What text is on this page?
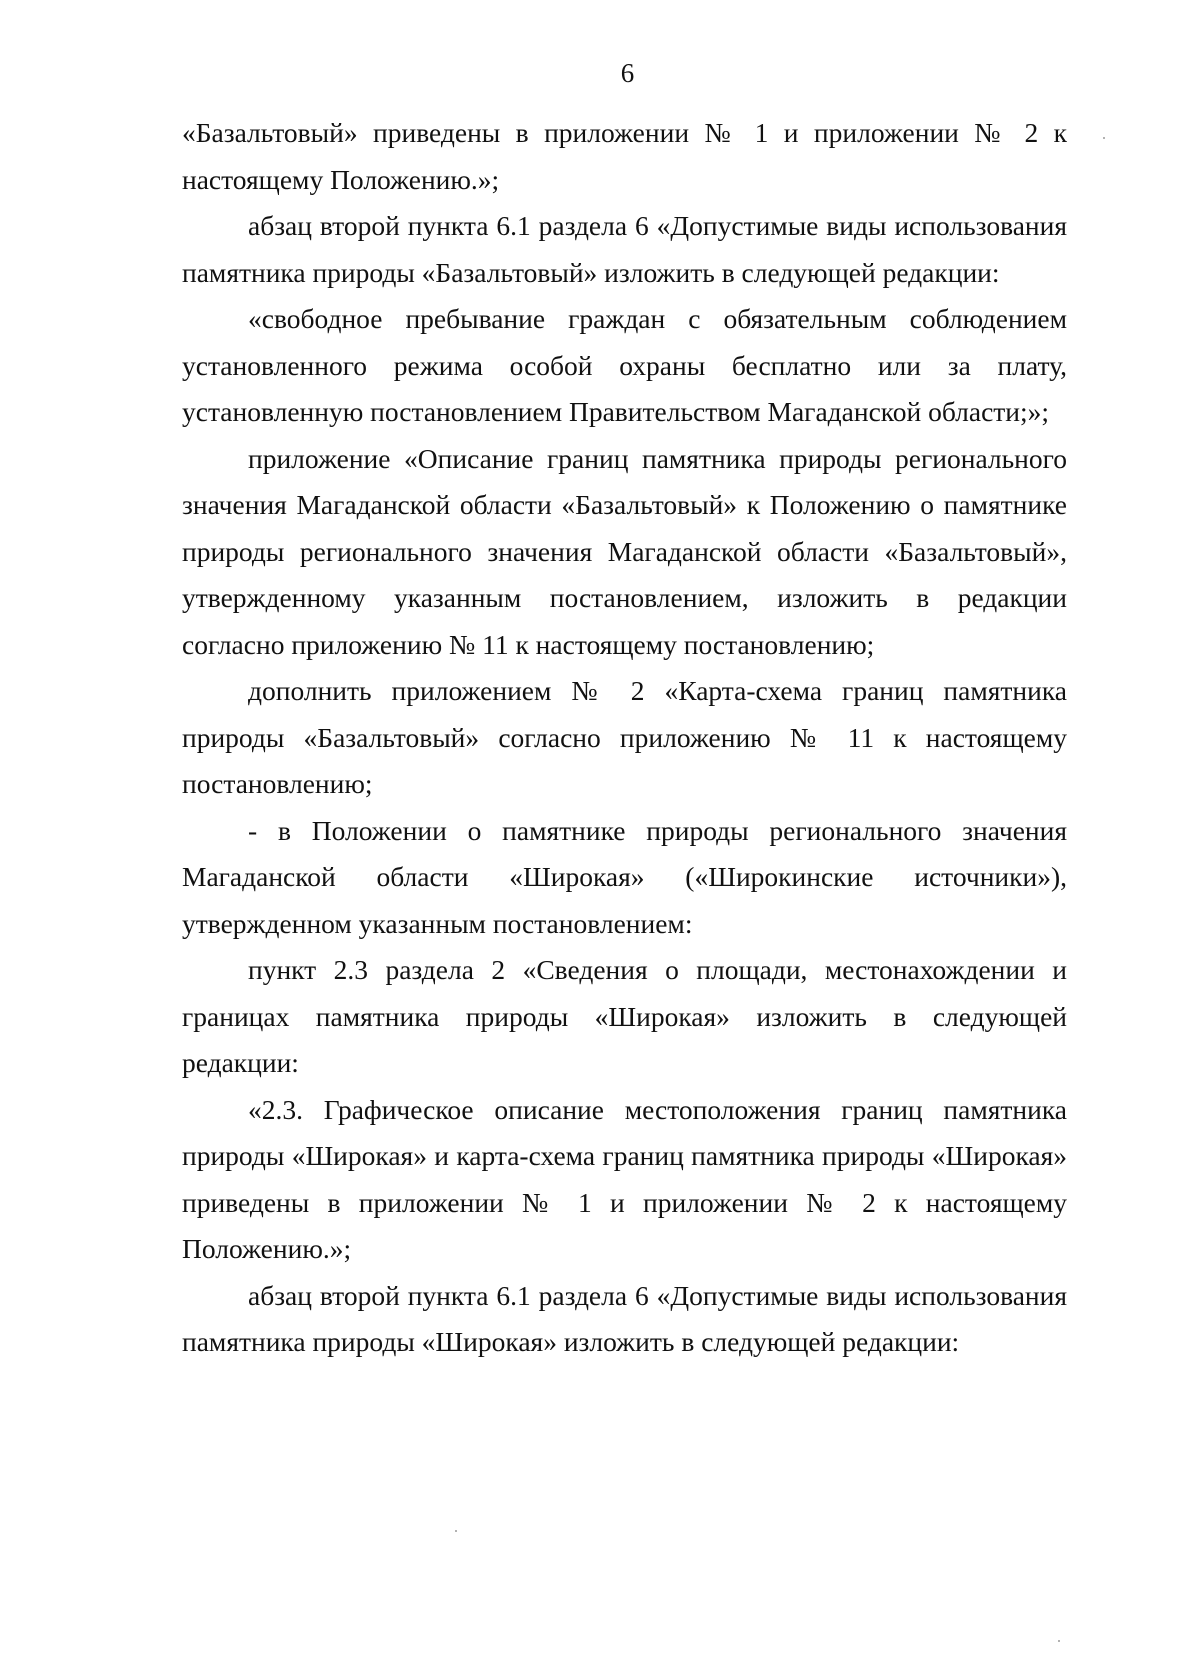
6

«Базальтовый» приведены в приложении № 1 и приложении № 2 к настоящему Положению.»;

абзац второй пункта 6.1 раздела 6 «Допустимые виды использования памятника природы «Базальтовый» изложить в следующей редакции:

«свободное пребывание граждан с обязательным соблюдением установленного режима особой охраны бесплатно или за плату, установленную постановлением Правительством Магаданской области;»;

приложение «Описание границ памятника природы регионального значения Магаданской области «Базальтовый» к Положению о памятнике природы регионального значения Магаданской области «Базальтовый», утвержденному указанным постановлением, изложить в редакции согласно приложению № 11 к настоящему постановлению;

дополнить приложением № 2 «Карта-схема границ памятника природы «Базальтовый» согласно приложению № 11 к настоящему постановлению;

- в Положении о памятнике природы регионального значения Магаданской области «Широкая» («Широкинские источники»), утвержденном указанным постановлением:

пункт 2.3 раздела 2 «Сведения о площади, местонахождении и границах памятника природы «Широкая» изложить в следующей редакции:

«2.3. Графическое описание местоположения границ памятника природы «Широкая» и карта-схема границ памятника природы «Широкая» приведены в приложении № 1 и приложении № 2 к настоящему Положению.»;

абзац второй пункта 6.1 раздела 6 «Допустимые виды использования памятника природы «Широкая» изложить в следующей редакции:
